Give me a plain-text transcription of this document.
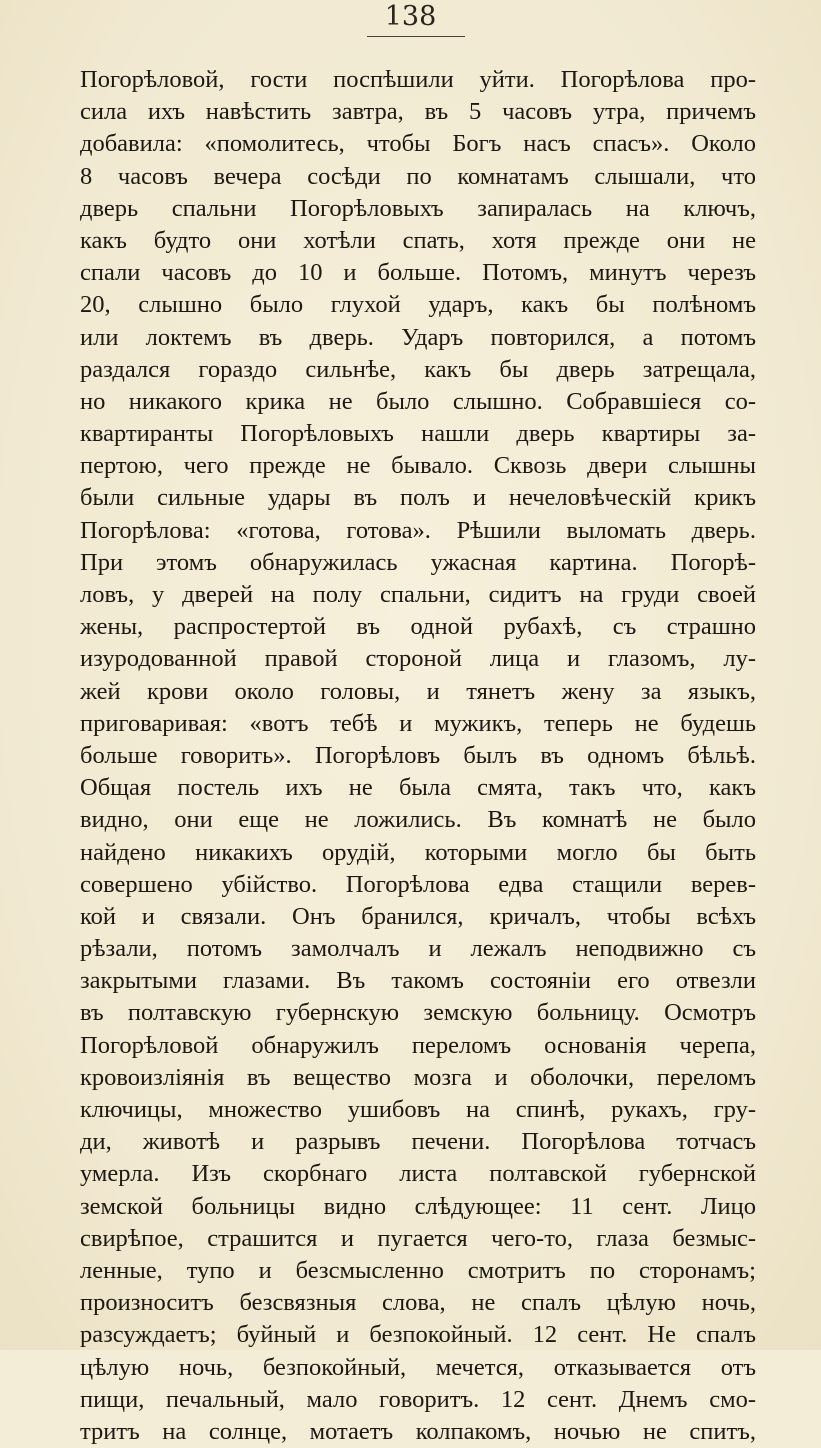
138
Погорѣловой, гости поспѣшили уйти. Погорѣлова про-
сила ихъ навѣстить завтра, въ 5 часовъ утра, причемъ
добавила: «помолитесь, чтобы Богъ насъ спасъ». Около
8 часовъ вечера сосѣди по комнатамъ слышали, что
дверь спальни Погорѣловыхъ запиралась на ключъ,
какъ будто они хотѣли спать, хотя прежде они не
спали часовъ до 10 и больше. Потомъ, минутъ черезъ
20, слышно было глухой ударъ, какъ бы полѣномъ
или локтемъ въ дверь. Ударъ повторился, а потомъ
раздался гораздо сильнѣе, какъ бы дверь затрещала,
но никакого крика не было слышно. Собравшіеся со-
квартиранты Погорѣловыхъ нашли дверь квартиры за-
пертою, чего прежде не бывало. Сквозь двери слышны
были сильные удары въ полъ и нечеловѣческій крикъ
Погорѣлова: «готова, готова». Рѣшили выломать дверь.
При этомъ обнаружилась ужасная картина. Погорѣ-
ловъ, у дверей на полу спальни, сидитъ на груди своей
жены, распростертой въ одной рубахѣ, съ страшно
изуродованной правой стороной лица и глазомъ, лу-
жей крови около головы, и тянетъ жену за языкъ,
приговаривая: «вотъ тебѣ и мужикъ, теперь не будешь
больше говорить». Погорѣловъ былъ въ одномъ бѣльѣ.
Общая постель ихъ не была смята, такъ что, какъ
видно, они еще не ложились. Въ комнатѣ не было
найдено никакихъ орудій, которыми могло бы быть
совершено убійство. Погорѣлова едва стащили верев-
кой и связали. Онъ бранился, кричалъ, чтобы всѣхъ
рѣзали, потомъ замолчалъ и лежалъ неподвижно съ
закрытыми глазами. Въ такомъ состояніи его отвезли
въ полтавскую губернскую земскую больницу. Осмотръ
Погорѣловой обнаружилъ переломъ основанія черепа,
кровоизліянія въ вещество мозга и оболочки, переломъ
ключицы, множество ушибовъ на спинѣ, рукахъ, гру-
ди, животѣ и разрывъ печени. Погорѣлова тотчасъ
умерла. Изъ скорбнаго листа полтавской губернской
земской больницы видно слѣдующее: 11 сент. Лицо
свирѣпое, страшится и пугается чего-то, глаза безмыс-
ленные, тупо и безсмысленно смотритъ по сторонамъ;
произноситъ безсвязныя слова, не спалъ цѣлую ночь,
разсуждаетъ; буйный и безпокойный. 12 сент. Не спалъ
цѣлую ночь, безпокойный, мечется, отказывается отъ
пищи, печальный, мало говоритъ. 12 сент. Днемъ смо-
тритъ на солнце, мотаетъ колпакомъ, ночью не спитъ,
